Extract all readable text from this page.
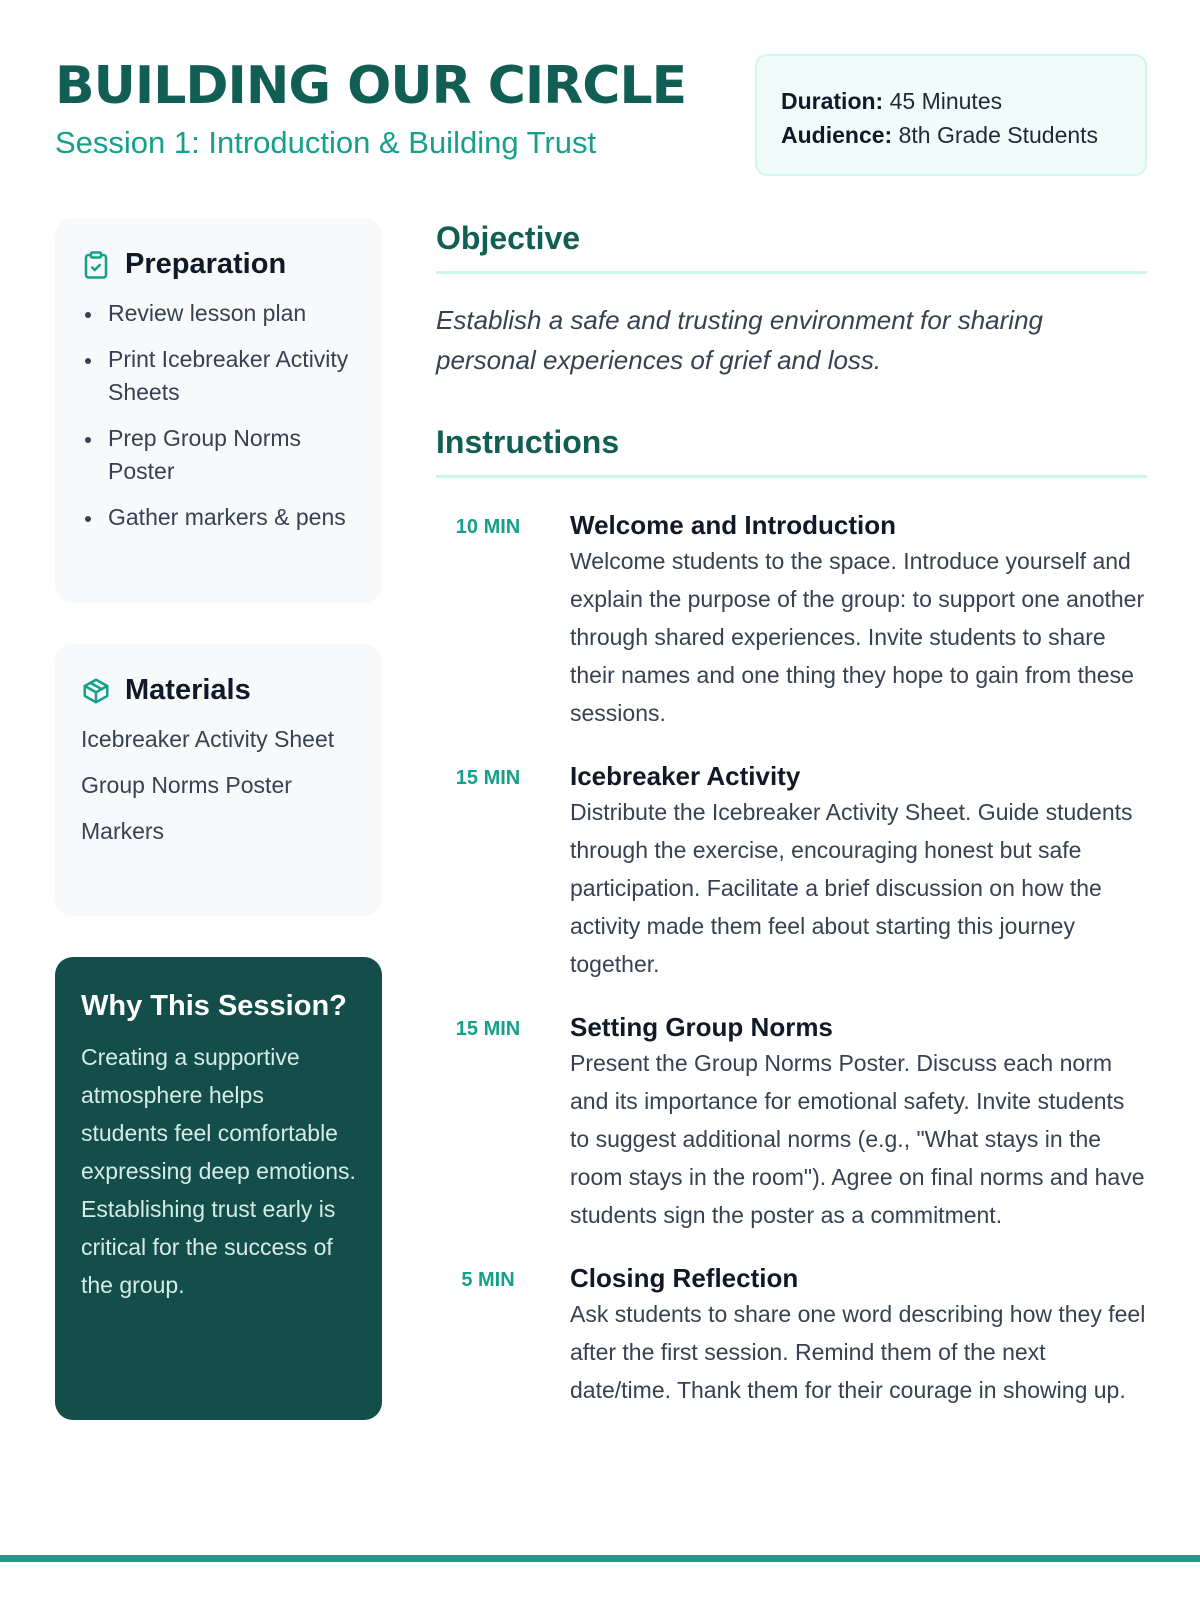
BUILDING OUR CIRCLE
Session 1: Introduction & Building Trust
Duration: 45 Minutes
Audience: 8th Grade Students
Preparation
Review lesson plan
Print Icebreaker Activity Sheets
Prep Group Norms Poster
Gather markers & pens
Materials

Icebreaker Activity Sheet

Group Norms Poster

Markers

Why This Session?

Creating a supportive atmosphere helps students feel comfortable expressing deep emotions. Establishing trust early is critical for the success of the group.

Objective

Establish a safe and trusting environment for sharing personal experiences of grief and loss.

Instructions
10 MIN	Welcome and Introduction

Welcome students to the space. Introduce yourself and explain the purpose of the group: to support one another through shared experiences. Invite students to share their names and one thing they hope to gain from these sessions.

15 MIN	Icebreaker Activity

Distribute the Icebreaker Activity Sheet. Guide students through the exercise, encouraging honest but safe participation. Facilitate a brief discussion on how the activity made them feel about starting this journey together.

15 MIN	Setting Group Norms

Present the Group Norms Poster. Discuss each norm and its importance for emotional safety. Invite students to suggest additional norms (e.g., "What stays in the room stays in the room"). Agree on final norms and have students sign the poster as a commitment.

5 MIN	Closing Reflection

Ask students to share one word describing how they feel after the first session. Remind them of the next date/time. Thank them for their courage in showing up.
